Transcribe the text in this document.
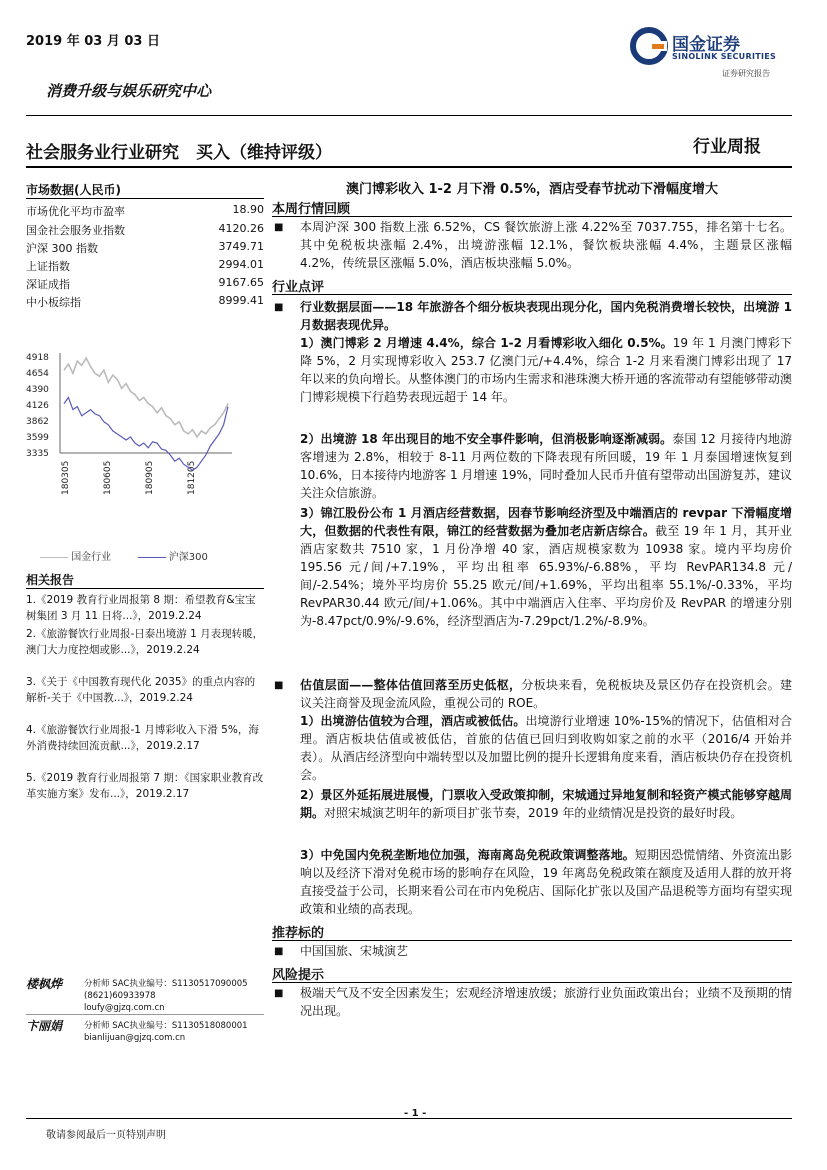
2019 年 03 月 03 日
消费升级与娱乐研究中心
国金证券
SINOLINK SECURITIES
证券研究报告
社会服务业行业研究　买入（维持评级）	行业周报
市场数据(人民币)
市场优化平均市盈率	18.90
国金社会服务业指数	4120.26
沪深 300 指数	3749.71
上证指数	2994.01
深证成指	9167.65
中小板综指	8999.41
4918
4654
4390
4126
3862
3599
3335
180305	180605	180905	181205
国金行业	沪深300
相关报告
1.《2019 教育行业周报第 8 期：希望教育&宝宝树集团 3 月 11 日将...》，2019.2.24
2.《旅游餐饮行业周报-日泰出境游 1 月表现转暖，澳门大力度控烟或影...》，2019.2.24
3.《关于《中国教育现代化 2035》的重点内容的解析-关于《中国教...》，2019.2.24
4.《旅游餐饮行业周报-1 月博彩收入下滑 5%，海外消费持续回流贡献...》，2019.2.17
5.《2019 教育行业周报第 7 期：《国家职业教育改革实施方案》发布...》，2019.2.17
楼枫烨	分析师 SAC执业编号：S1130517090005
(8621)60933978
loufy@gjzq.com.cn
卞丽娟	分析师 SAC执业编号：S1130518080001
bianlijuan@gjzq.com.cn
澳门博彩收入 1-2 月下滑 0.5%，酒店受春节扰动下滑幅度增大
本周行情回顾
■ 本周沪深 300 指数上涨 6.52%，CS 餐饮旅游上涨 4.22%至 7037.755，排名第十七名。其中免税板块涨幅 2.4%，出境游涨幅 12.1%，餐饮板块涨幅 4.4%，主题景区涨幅 4.2%，传统景区涨幅 5.0%，酒店板块涨幅 5.0%。
行业点评
■ 行业数据层面——18 年旅游各个细分板块表现出现分化，国内免税消费增长较快，出境游 1 月数据表现优异。
1）澳门博彩 2 月增速 4.4%，综合 1-2 月看博彩收入细化 0.5%。19 年 1 月澳门博彩下降 5%，2 月实现博彩收入 253.7 亿澳门元/+4.4%，综合 1-2 月来看澳门博彩出现了 17 年以来的负向增长。从整体澳门的市场内生需求和港珠澳大桥开通的客流带动有望能够带动澳门博彩规模下行趋势表现远超于 14 年。
2）出境游 18 年出现目的地不安全事件影响，但消极影响逐渐减弱。泰国 12 月接待内地游客增速为 2.8%，相较于 8-11 月两位数的下降表现有所回暖，19 年 1 月泰国增速恢复到 10.6%，日本接待内地游客 1 月增速 19%，同时叠加人民币升值有望带动出国游复苏，建议关注众信旅游。
3）锦江股份公布 1 月酒店经营数据，因春节影响经济型及中端酒店的 revpar 下滑幅度增大，但数据的代表性有限，锦江的经营数据为叠加老店新店综合。截至 19 年 1 月，其开业酒店家数共 7510 家，1 月份净增 40 家，酒店规模家数为 10938 家。境内平均房价 195.56 元/间/+7.19%，平均出租率 65.93%/-6.88%，平均 RevPAR134.8 元/间/-2.54%；境外平均房价 55.25 欧元/间/+1.69%，平均出租率 55.1%/-0.33%，平均 RevPAR30.44 欧元/间/+1.06%。其中中端酒店入住率、平均房价及 RevPAR 的增速分别为-8.47pct/0.9%/-9.6%，经济型酒店为-7.29pct/1.2%/-8.9%。
■ 估值层面——整体估值回落至历史低枢，分板块来看，免税板块及景区仍存在投资机会。建议关注商誉及现金流风险，重视公司的 ROE。
1）出境游估值较为合理，酒店或被低估。出境游行业增速 10%-15%的情况下，估值相对合理。酒店板块估值或被低估，首旅的估值已回归到收购如家之前的水平（2016/4 开始并表）。从酒店经济型向中端转型以及加盟比例的提升长逻辑角度来看，酒店板块仍存在投资机会。
2）景区外延拓展进展慢，门票收入受政策抑制，宋城通过异地复制和轻资产模式能够穿越周期。对照宋城演艺明年的新项目扩张节奏，2019 年的业绩情况是投资的最好时段。
3）中免国内免税垄断地位加强，海南离岛免税政策调整落地。短期因恐慌情绪、外资流出影响以及经济下滑对免税市场的影响存在风险，19 年离岛免税政策在额度及适用人群的放开将直接受益于公司，长期来看公司在市内免税店、国际化扩张以及国产品退税等方面均有望实现政策和业绩的高表现。
推荐标的
■ 中国国旅、宋城演艺
风险提示
■ 极端天气及不安全因素发生；宏观经济增速放缓；旅游行业负面政策出台；业绩不及预期的情况出现。
- 1 -
敬请参阅最后一页特别声明
